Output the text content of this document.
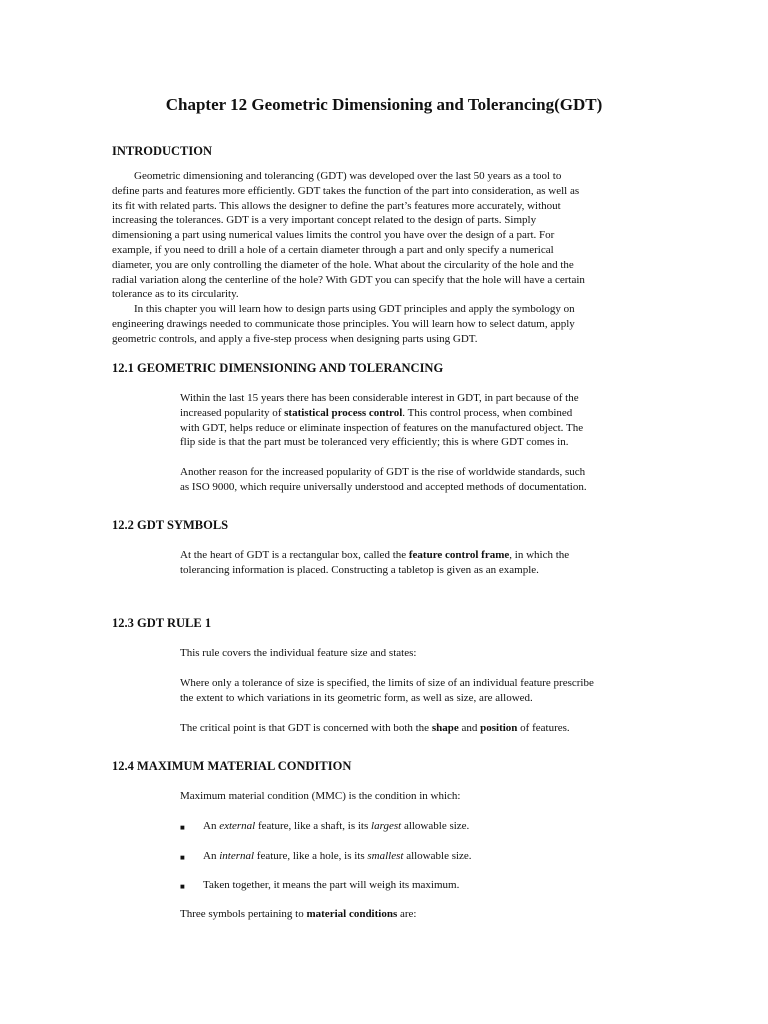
Chapter 12 Geometric Dimensioning and Tolerancing(GDT)
INTRODUCTION
Geometric dimensioning and tolerancing (GDT) was developed over the last 50 years as a tool to
define parts and features more efficiently. GDT takes the function of the part into consideration, as well as
its fit with related parts. This allows the designer to define the part’s features more accurately, without
increasing the tolerances. GDT is a very important concept related to the design of parts. Simply
dimensioning a part using numerical values limits the control you have over the design of a part. For
example, if you need to drill a hole of a certain diameter through a part and only specify a numerical
diameter, you are only controlling the diameter of the hole. What about the circularity of the hole and the
radial variation along the centerline of the hole? With GDT you can specify that the hole will have a certain
tolerance as to its circularity.
In this chapter you will learn how to design parts using GDT principles and apply the symbology on
engineering drawings needed to communicate those principles. You will learn how to select datum, apply
geometric controls, and apply a five-step process when designing parts using GDT.
12.1 GEOMETRIC DIMENSIONING AND TOLERANCING
Within the last 15 years there has been considerable interest in GDT, in part because of the
increased popularity of statistical process control. This control process, when combined
with GDT, helps reduce or eliminate inspection of features on the manufactured object. The
flip side is that the part must be toleranced very efficiently; this is where GDT comes in.
Another reason for the increased popularity of GDT is the rise of worldwide standards, such
as ISO 9000, which require universally understood and accepted methods of documentation.
12.2 GDT SYMBOLS
At the heart of GDT is a rectangular box, called the feature control frame, in which the
tolerancing information is placed. Constructing a tabletop is given as an example.
12.3 GDT RULE 1
This rule covers the individual feature size and states:
Where only a tolerance of size is specified, the limits of size of an individual feature prescribe
the extent to which variations in its geometric form, as well as size, are allowed.
The critical point is that GDT is concerned with both the shape and position of features.
12.4 MAXIMUM MATERIAL CONDITION
Maximum material condition (MMC) is the condition in which:
■ An external feature, like a shaft, is its largest allowable size.
■ An internal feature, like a hole, is its smallest allowable size.
■ Taken together, it means the part will weigh its maximum.
Three symbols pertaining to material conditions are:
